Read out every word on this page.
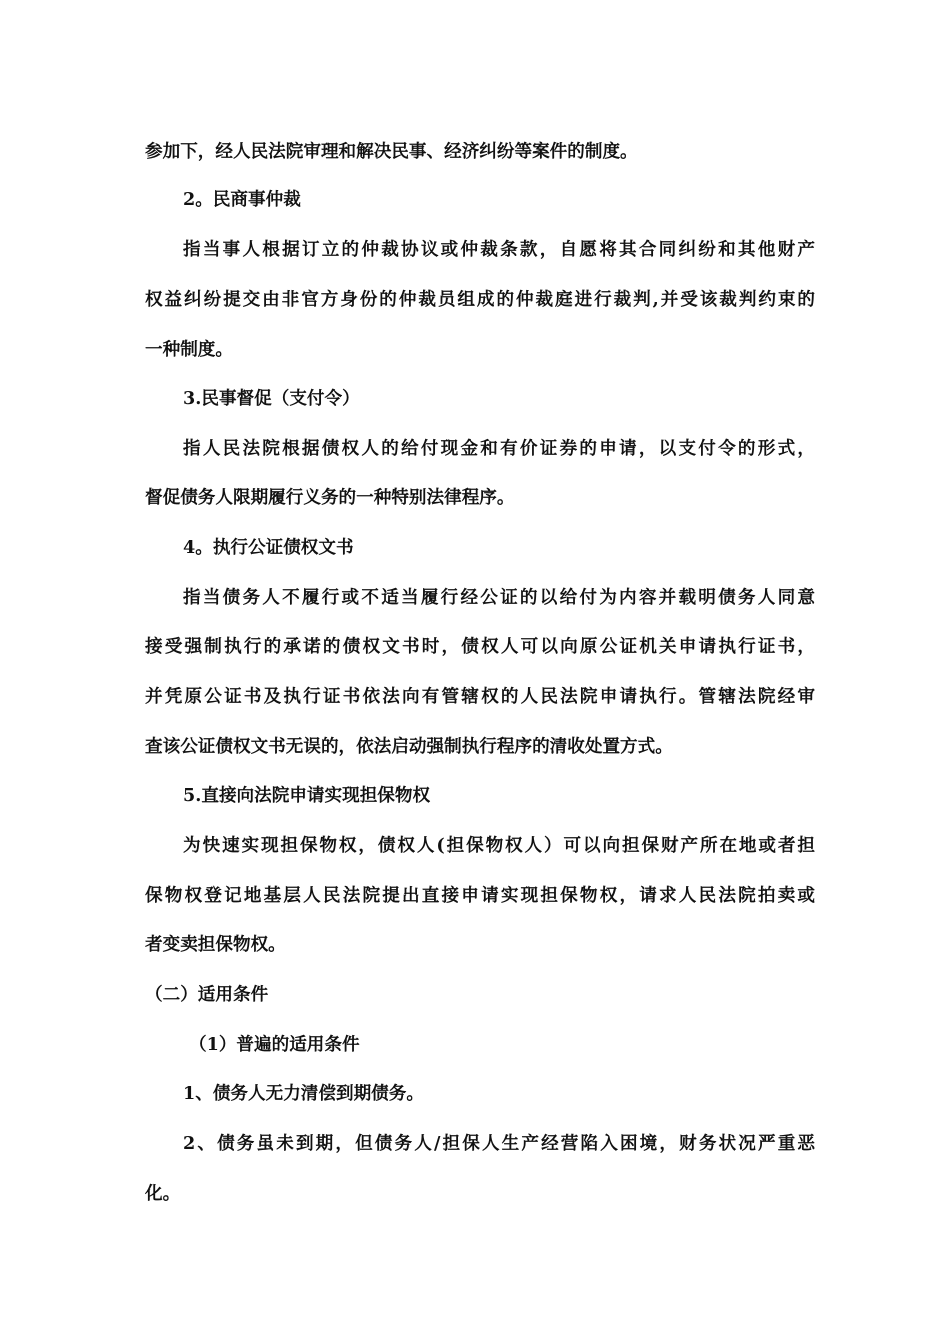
参加下，经人民法院审理和解决民事、经济纠纷等案件的制度。
2。民商事仲裁
指当事人根据订立的仲裁协议或仲裁条款，自愿将其合同纠纷和其他财产
权益纠纷提交由非官方身份的仲裁员组成的仲裁庭进行裁判,并受该裁判约束的
一种制度。
3.民事督促（支付令）
指人民法院根据债权人的给付现金和有价证券的申请，以支付令的形式，
督促债务人限期履行义务的一种特别法律程序。
4。执行公证债权文书
指当债务人不履行或不适当履行经公证的以给付为内容并载明债务人同意
接受强制执行的承诺的债权文书时，债权人可以向原公证机关申请执行证书，
并凭原公证书及执行证书依法向有管辖权的人民法院申请执行。管辖法院经审
查该公证债权文书无误的，依法启动强制执行程序的清收处置方式。
5.直接向法院申请实现担保物权
为快速实现担保物权，债权人(担保物权人）可以向担保财产所在地或者担
保物权登记地基层人民法院提出直接申请实现担保物权，请求人民法院拍卖或
者变卖担保物权。
（二）适用条件
（1）普遍的适用条件
1、债务人无力清偿到期债务。
2、债务虽未到期，但债务人/担保人生产经营陷入困境，财务状况严重恶
化。
